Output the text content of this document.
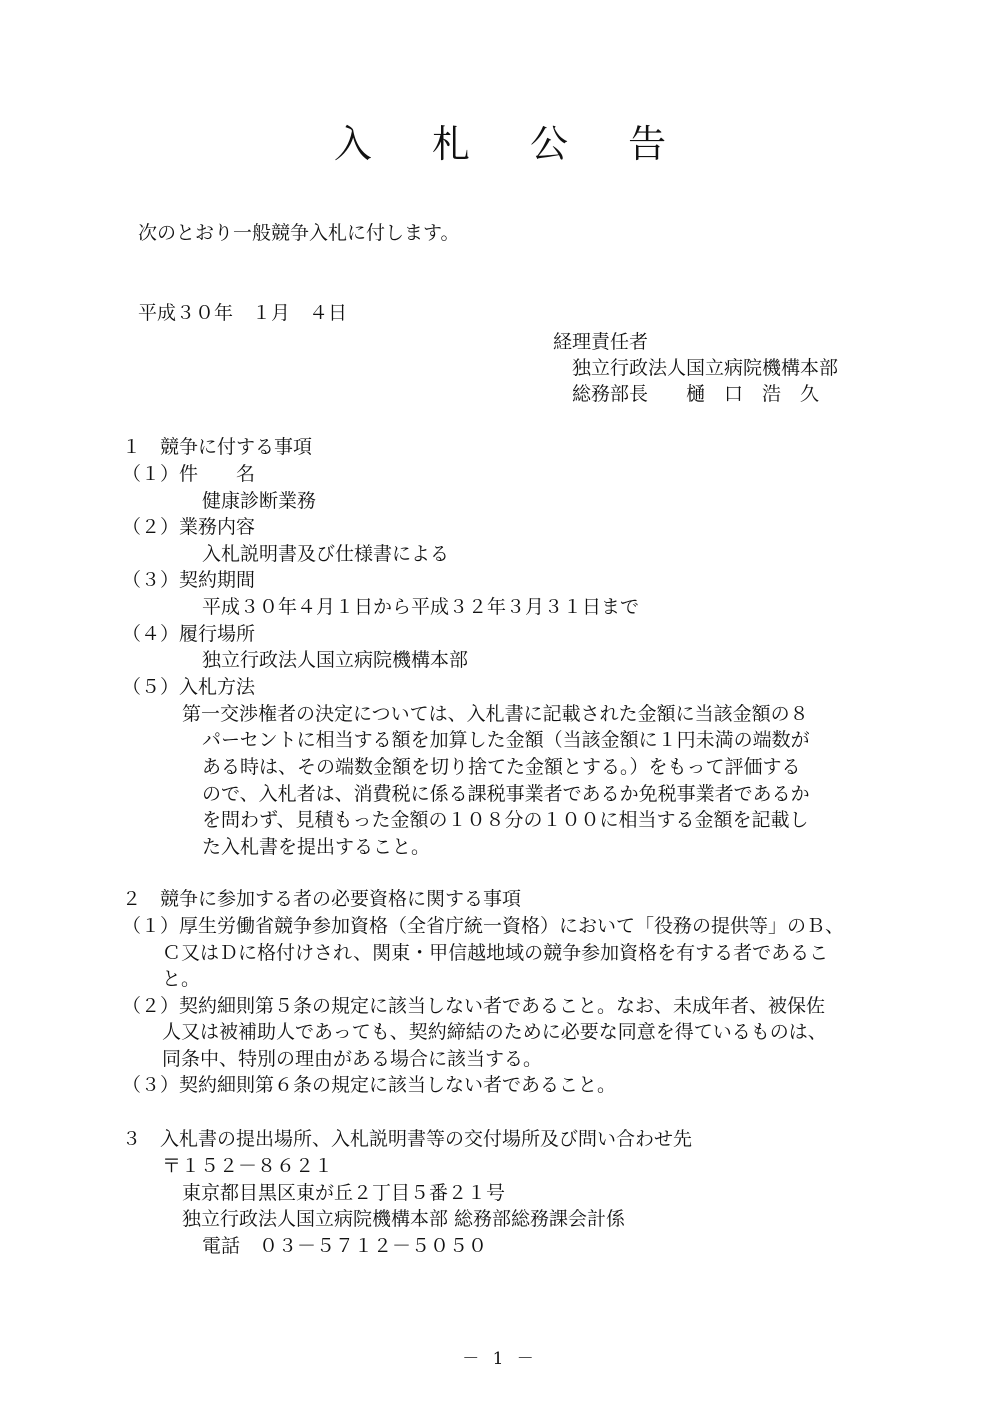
入 札 公 告
次のとおり一般競争入札に付します。
平成３０年　１月　４日
経理責任者
独立行政法人国立病院機構本部
総務部長　　樋　口　浩　久
１　競争に付する事項
（１）件　　名
健康診断業務
（２）業務内容
入札説明書及び仕様書による
（３）契約期間
平成３０年４月１日から平成３２年３月３１日まで
（４）履行場所
独立行政法人国立病院機構本部
（５）入札方法
第一交渉権者の決定については、入札書に記載された金額に当該金額の８
パーセントに相当する額を加算した金額（当該金額に１円未満の端数が
ある時は、その端数金額を切り捨てた金額とする。）をもって評価する
ので、入札者は、消費税に係る課税事業者であるか免税事業者であるか
を問わず、見積もった金額の１０８分の１００に相当する金額を記載し
た入札書を提出すること。
２　競争に参加する者の必要資格に関する事項
（１）厚生労働省競争参加資格（全省庁統一資格）において「役務の提供等」のＢ、
Ｃ又はＤに格付けされ、関東・甲信越地域の競争参加資格を有する者であるこ
と。
（２）契約細則第５条の規定に該当しない者であること。なお、未成年者、被保佐
人又は被補助人であっても、契約締結のために必要な同意を得ているものは、
同条中、特別の理由がある場合に該当する。
（３）契約細則第６条の規定に該当しない者であること。
３　入札書の提出場所、入札説明書等の交付場所及び問い合わせ先
〒１５２－８６２１
東京都目黒区東が丘２丁目５番２１号
独立行政法人国立病院機構本部 総務部総務課会計係
電話　０３－５７１２－５０５０
－ 1 －
